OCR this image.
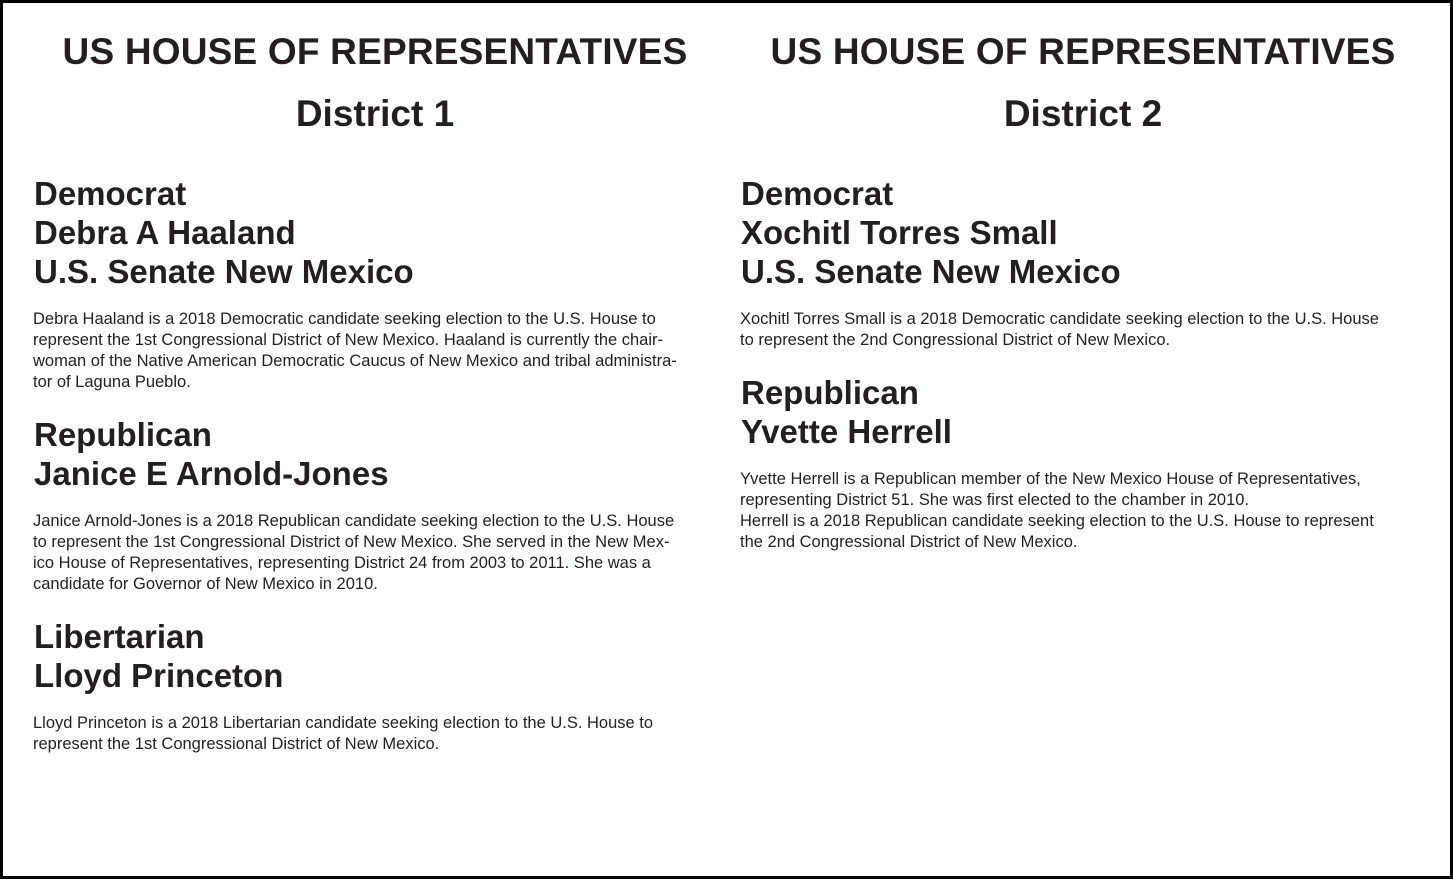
US HOUSE OF REPRESENTATIVES
District 1
Democrat
Debra A Haaland
U.S. Senate New Mexico
Debra Haaland is a 2018 Democratic candidate seeking election to the U.S. House to
represent the 1st Congressional District of New Mexico. Haaland is currently the chair-
woman of the Native American Democratic Caucus of New Mexico and tribal administra-
tor of Laguna Pueblo.
Republican
Janice E Arnold-Jones
Janice Arnold-Jones is a 2018 Republican candidate seeking election to the U.S. House
to represent the 1st Congressional District of New Mexico. She served in the New Mex-
ico House of Representatives, representing District 24 from 2003 to 2011. She was a
candidate for Governor of New Mexico in 2010.
Libertarian
Lloyd Princeton
Lloyd Princeton is a 2018 Libertarian candidate seeking election to the U.S. House to
represent the 1st Congressional District of New Mexico.
US HOUSE OF REPRESENTATIVES
District 2
Democrat
Xochitl Torres Small
U.S. Senate New Mexico
Xochitl Torres Small is a 2018 Democratic candidate seeking election to the U.S. House
to represent the 2nd Congressional District of New Mexico.
Republican
Yvette Herrell
Yvette Herrell is a Republican member of the New Mexico House of Representatives,
representing District 51. She was first elected to the chamber in 2010.
Herrell is a 2018 Republican candidate seeking election to the U.S. House to represent
the 2nd Congressional District of New Mexico.
